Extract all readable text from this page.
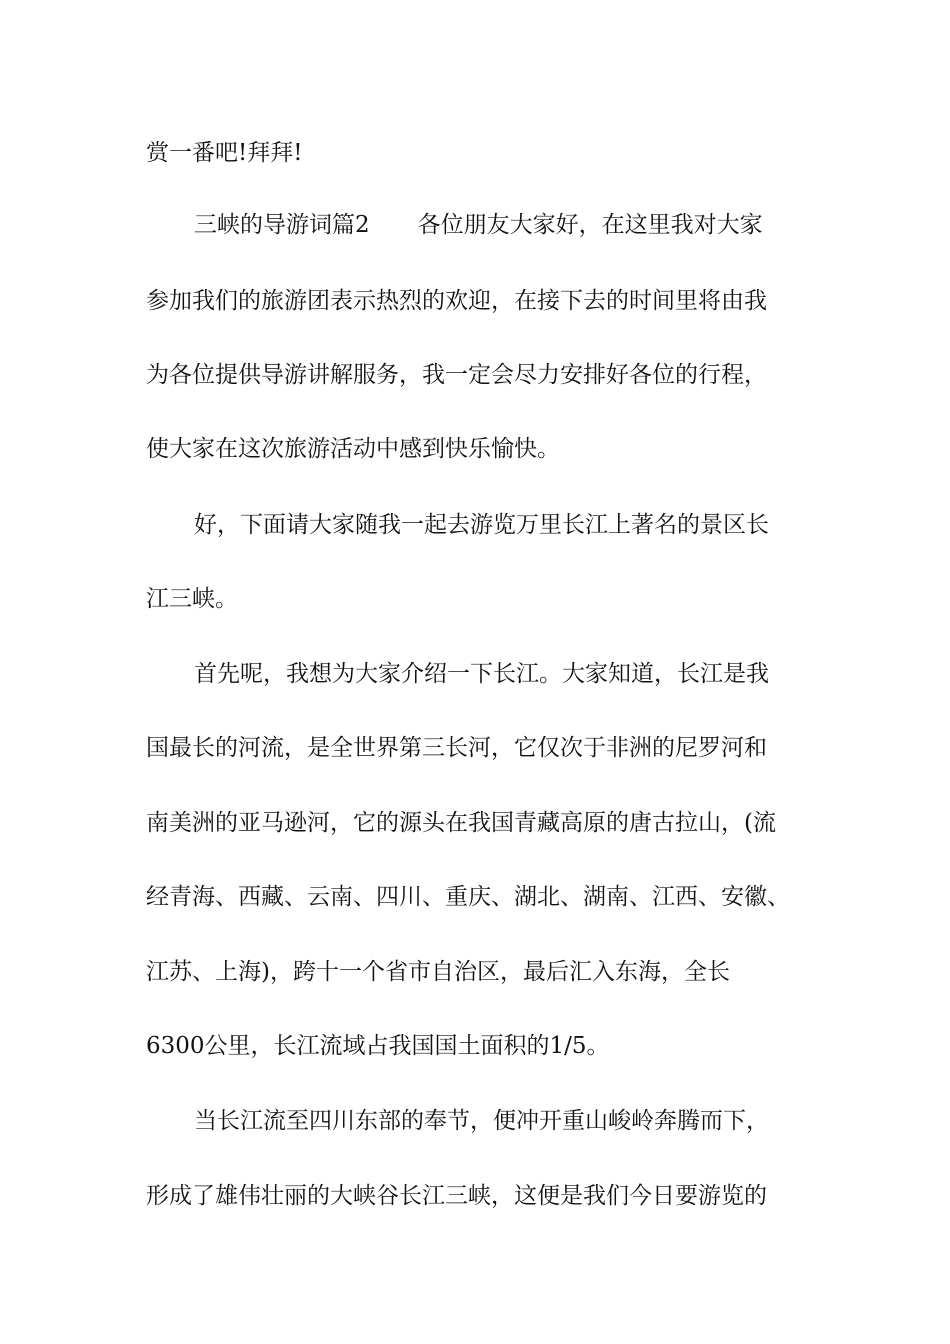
赏一番吧!拜拜!

三峡的导游词篇2 各位朋友大家好，在这里我对大家

参加我们的旅游团表示热烈的欢迎，在接下去的时间里将由我

为各位提供导游讲解服务，我一定会尽力安排好各位的行程，

使大家在这次旅游活动中感到快乐愉快。

好，下面请大家随我一起去游览万里长江上著名的景区长

江三峡。

首先呢，我想为大家介绍一下长江。大家知道，长江是我

国最长的河流，是全世界第三长河，它仅次于非洲的尼罗河和

南美洲的亚马逊河，它的源头在我国青藏高原的唐古拉山，(流

经青海、西藏、云南、四川、重庆、湖北、湖南、江西、安徽、

江苏、上海)，跨十一个省市自治区，最后汇入东海，全长

6300公里，长江流域占我国国土面积的1/5。

当长江流至四川东部的奉节，便冲开重山峻岭奔腾而下，

形成了雄伟壮丽的大峡谷长江三峡，这便是我们今日要游览的
